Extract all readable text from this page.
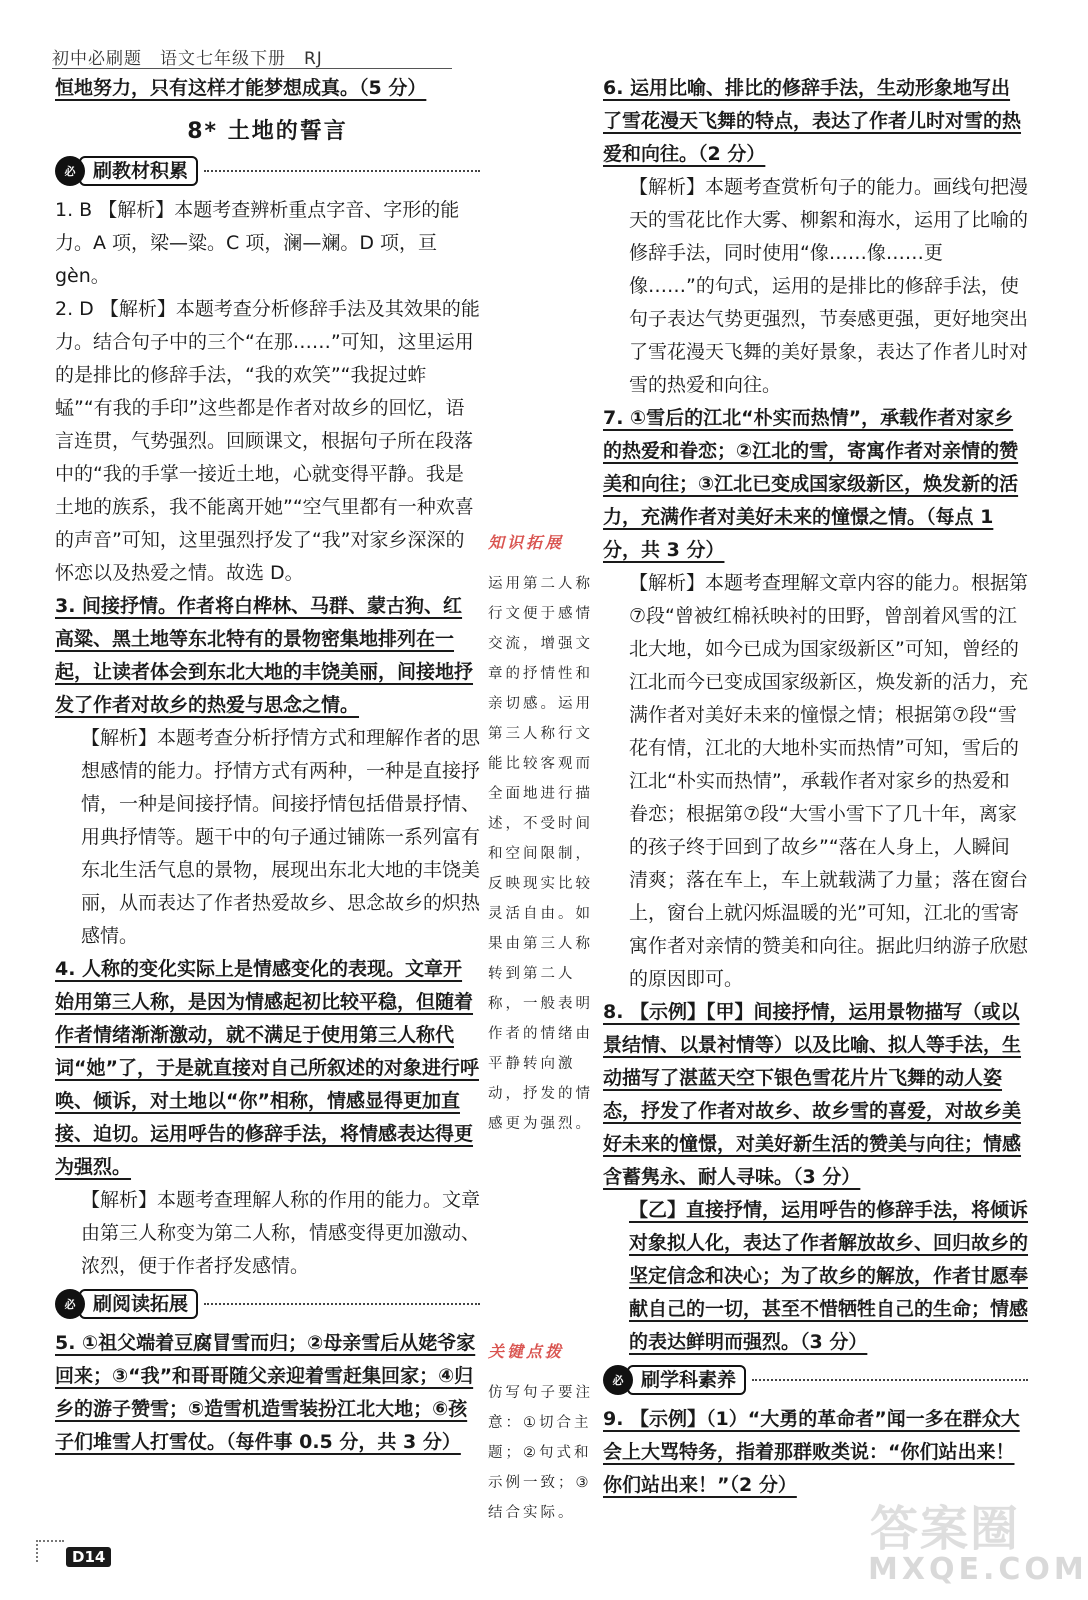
初中必刷题　语文七年级下册　RJ

恒地努力，只有这样才能梦想成真。（5 分）

8* 土地的誓言
必 刷教材积累

1. B 【解析】本题考查辨析重点字音、字形的能力。A 项，梁—粱。C 项，澜—斓。D 项，亘 gèn。

2. D 【解析】本题考查分析修辞手法及其效果的能力。结合句子中的三个“在那……”可知，这里运用的是排比的修辞手法，“我的欢笑”“我捉过蚱蜢”“有我的手印”这些都是作者对故乡的回忆，语言连贯，气势强烈。回顾课文，根据句子所在段落中的“我的手掌一接近土地，心就变得平静。我是土地的族系，我不能离开她”“空气里都有一种欢喜的声音”可知，这里强烈抒发了“我”对家乡深深的怀恋以及热爱之情。故选 D。

3. 间接抒情。作者将白桦林、马群、蒙古狗、红高粱、黑土地等东北特有的景物密集地排列在一起，让读者体会到东北大地的丰饶美丽，间接地抒发了作者对故乡的热爱与思念之情。

【解析】本题考查分析抒情方式和理解作者的思想感情的能力。抒情方式有两种，一种是直接抒情，一种是间接抒情。间接抒情包括借景抒情、用典抒情等。题干中的句子通过铺陈一系列富有东北生活气息的景物，展现出东北大地的丰饶美丽，从而表达了作者热爱故乡、思念故乡的炽热感情。

4. 人称的变化实际上是情感变化的表现。文章开始用第三人称，是因为情感起初比较平稳，但随着作者情绪渐渐激动，就不满足于使用第三人称代词“她”了，于是就直接对自己所叙述的对象进行呼唤、倾诉，对土地以“你”相称，情感显得更加直接、迫切。运用呼告的修辞手法，将情感表达得更为强烈。

【解析】本题考查理解人称的作用的能力。文章由第三人称变为第二人称，情感变得更加激动、浓烈，便于作者抒发感情。

必 刷阅读拓展

5. ①祖父端着豆腐冒雪而归；②母亲雪后从姥爷家回来；③“我”和哥哥随父亲迎着雪赶集回家；④归乡的游子赞雪；⑤造雪机造雪装扮江北大地；⑥孩子们堆雪人打雪仗。（每件事 0.5 分，共 3 分）

知识拓展
运用第二人称行文便于感情交流，增强文章的抒情性和亲切感。运用第三人称行文能比较客观而全面地进行描述，不受时间和空间限制，反映现实比较灵活自由。如果由第三人称转到第二人称，一般表明作者的情绪由平静转向激动，抒发的情感更为强烈。
关键点拨
仿写句子要注意：①切合主题；②句式和示例一致；③结合实际。

6. 运用比喻、排比的修辞手法，生动形象地写出了雪花漫天飞舞的特点，表达了作者儿时对雪的热爱和向往。（2 分）

【解析】本题考查赏析句子的能力。画线句把漫天的雪花比作大雾、柳絮和海水，运用了比喻的修辞手法，同时使用“像……像……更像……”的句式，运用的是排比的修辞手法，使句子表达气势更强烈，节奏感更强，更好地突出了雪花漫天飞舞的美好景象，表达了作者儿时对雪的热爱和向往。

7. ①雪后的江北“朴实而热情”，承载作者对家乡的热爱和眷恋；②江北的雪，寄寓作者对亲情的赞美和向往；③江北已变成国家级新区，焕发新的活力，充满作者对美好未来的憧憬之情。（每点 1 分，共 3 分）

【解析】本题考查理解文章内容的能力。根据第⑦段“曾被红棉袄映衬的田野，曾剖着风雪的江北大地，如今已成为国家级新区”可知，曾经的江北而今已变成国家级新区，焕发新的活力，充满作者对美好未来的憧憬之情；根据第⑦段“雪花有情，江北的大地朴实而热情”可知，雪后的江北“朴实而热情”，承载作者对家乡的热爱和眷恋；根据第⑦段“大雪小雪下了几十年，离家的孩子终于回到了故乡”“落在人身上，人瞬间清爽；落在车上，车上就载满了力量；落在窗台上，窗台上就闪烁温暖的光”可知，江北的雪寄寓作者对亲情的赞美和向往。据此归纳游子欣慰的原因即可。

8. 【示例】【甲】间接抒情，运用景物描写（或以景结情、以景衬情等）以及比喻、拟人等手法，生动描写了湛蓝天空下银色雪花片片飞舞的动人姿态，抒发了作者对故乡、故乡雪的喜爱，对故乡美好未来的憧憬，对美好新生活的赞美与向往；情感含蓄隽永、耐人寻味。（3 分）

【乙】直接抒情，运用呼告的修辞手法，将倾诉对象拟人化，表达了作者解放故乡、回归故乡的坚定信念和决心；为了故乡的解放，作者甘愿奉献自己的一切，甚至不惜牺牲自己的生命；情感的表达鲜明而强烈。（3 分）

必 刷学科素养

9. 【示例】（1）“大勇的革命者”闻一多在群众大会上大骂特务，指着那群败类说：“你们站出来！你们站出来！”（2 分）

D14	答案圈
MXQE.COM
